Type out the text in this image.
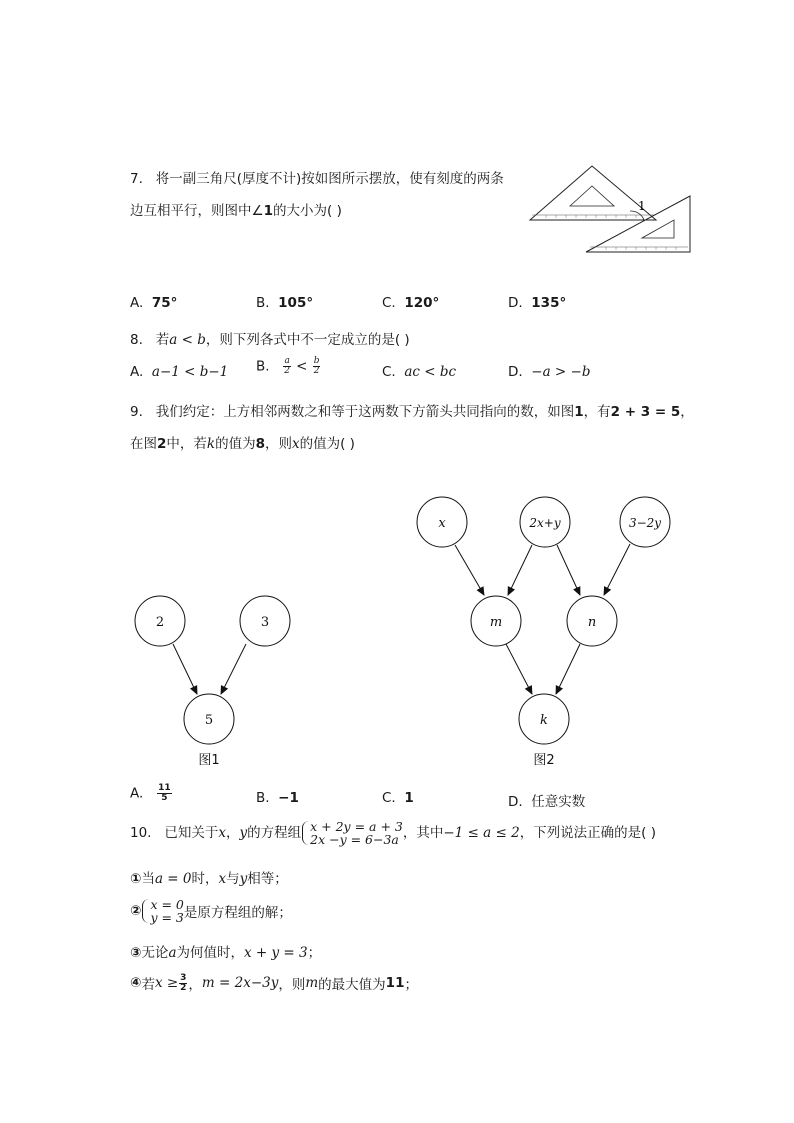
7. 将一副三角尺(厚度不计)按如图所示摆放，使有刻度的两条
边互相平行，则图中∠1的大小为( )	1
A. 75°	B. 105°	C. 120°	D. 135°
8. 若a < b，则下列各式中不一定成立的是( )
A. a−1 < b−1 B. $\frac{a}{2} < \frac{b}{2}$	C. ac < bc	D. −a > −b
9. 我们约定：上方相邻两数之和等于这两数下方箭头共同指向的数，如图1，有2 + 3 = 5，
在图2中，若k的值为8，则x的值为( )
2	3
5
图1
x	2x+y	3−2y
m	n
k
图2
A. $\frac{11}{5}$	B. −1	C. 1	D. 任意实数
10. 已知关于x，y的方程组 x + 2y = a + 3
2x −y = 6−3a ，其中−1 ≤ a ≤ 2，下列说法正确的是( )
①当a = 0时，x与y相等；
② x = 0
y = 3 是原方程组的解；
③无论a为何值时，x + y = 3；
④若$x \ge \frac{3}{2}$ ，m = 2x−3y，则m的最大值为11；
